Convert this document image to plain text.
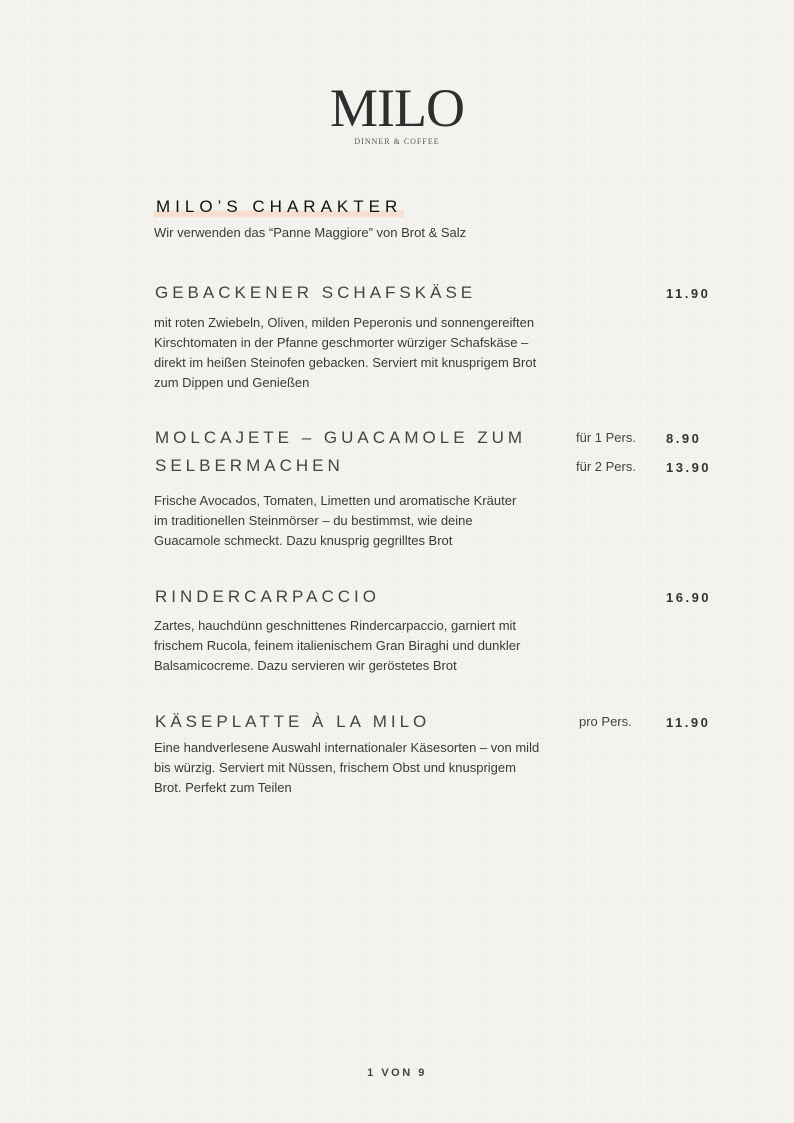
MILO
DINNER & COFFEE
MILO’S CHARAKTER
Wir verwenden das “Panne Maggiore” von Brot & Salz
GEBACKENER SCHAFSKÄSE	11.90
mit roten Zwiebeln, Oliven, milden Peperonis und sonnengereiften
Kirschtomaten in der Pfanne geschmorter würziger Schafskäse –
direkt im heißen Steinofen gebacken. Serviert mit knusprigem Brot
zum Dippen und Genießen
MOLCAJETE – GUACAMOLE ZUM
SELBERMACHEN
für 1 Pers. 8.90
für 2 Pers. 13.90
Frische Avocados, Tomaten, Limetten und aromatische Kräuter
im traditionellen Steinmörser – du bestimmst, wie deine
Guacamole schmeckt. Dazu knusprig gegrilltes Brot
RINDERCARPACCIO	16.90
Zartes, hauchdünn geschnittenes Rindercarpaccio, garniert mit
frischem Rucola, feinem italienischem Gran Biraghi und dunkler
Balsamicocreme. Dazu servieren wir geröstetes Brot
KÄSEPLATTE À LA MILO	pro Pers.	11.90
Eine handverlesene Auswahl internationaler Käsesorten – von mild
bis würzig. Serviert mit Nüssen, frischem Obst und knusprigem
Brot. Perfekt zum Teilen
1 VON 9
